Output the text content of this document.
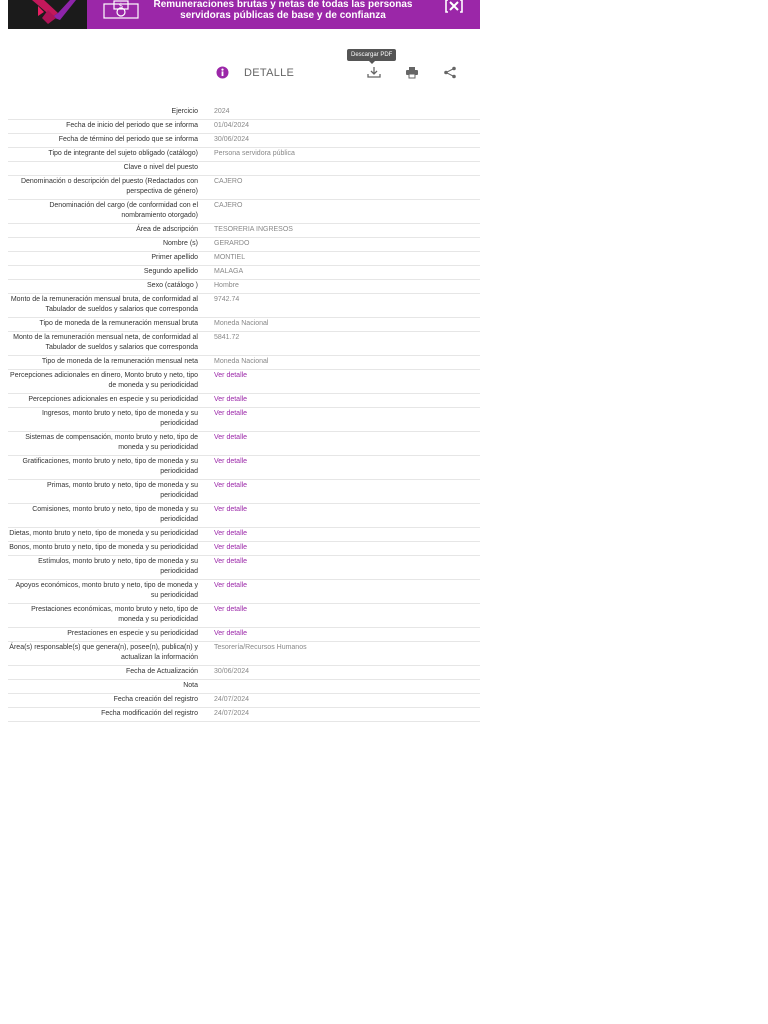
$	Remuneraciones brutas y netas de todas las personas
servidoras públicas de base y de confianza
Descargar PDF
DETALLE
Ejercicio	2024
Fecha de inicio del periodo que se informa	01/04/2024
Fecha de término del periodo que se informa	30/06/2024
Tipo de integrante del sujeto obligado (catálogo)	Persona servidora pública
Clave o nivel del puesto	
Denominación o descripción del puesto (Redactados con perspectiva de género)	CAJERO
Denominación del cargo (de conformidad con el nombramiento otorgado)	CAJERO
Área de adscripción	TESORERIA INGRESOS
Nombre (s)	GERARDO
Primer apellido	MONTIEL
Segundo apellido	MALAGA
Sexo (catálogo )	Hombre
Monto de la remuneración mensual bruta, de conformidad al Tabulador de sueldos y salarios que corresponda	9742.74
Tipo de moneda de la remuneración mensual bruta	Moneda Nacional
Monto de la remuneración mensual neta, de conformidad al Tabulador de sueldos y salarios que corresponda	5841.72
Tipo de moneda de la remuneración mensual neta	Moneda Nacional
Percepciones adicionales en dinero, Monto bruto y neto, tipo de moneda y su periodicidad	Ver detalle
Percepciones adicionales en especie y su periodicidad	Ver detalle
Ingresos, monto bruto y neto, tipo de moneda y su periodicidad	Ver detalle
Sistemas de compensación, monto bruto y neto, tipo de moneda y su periodicidad	Ver detalle
Gratificaciones, monto bruto y neto, tipo de moneda y su periodicidad	Ver detalle
Primas, monto bruto y neto, tipo de moneda y su periodicidad	Ver detalle
Comisiones, monto bruto y neto, tipo de moneda y su periodicidad	Ver detalle
Dietas, monto bruto y neto, tipo de moneda y su periodicidad	Ver detalle
Bonos, monto bruto y neto, tipo de moneda y su periodicidad	Ver detalle
Estímulos, monto bruto y neto, tipo de moneda y su periodicidad	Ver detalle
Apoyos económicos, monto bruto y neto, tipo de moneda y su periodicidad	Ver detalle
Prestaciones económicas, monto bruto y neto, tipo de moneda y su periodicidad	Ver detalle
Prestaciones en especie y su periodicidad	Ver detalle
Área(s) responsable(s) que genera(n), posee(n), publica(n) y actualizan la información	Tesorería/Recursos Humanos
Fecha de Actualización	30/06/2024
Nota	
Fecha creación del registro	24/07/2024
Fecha modificación del registro	24/07/2024
